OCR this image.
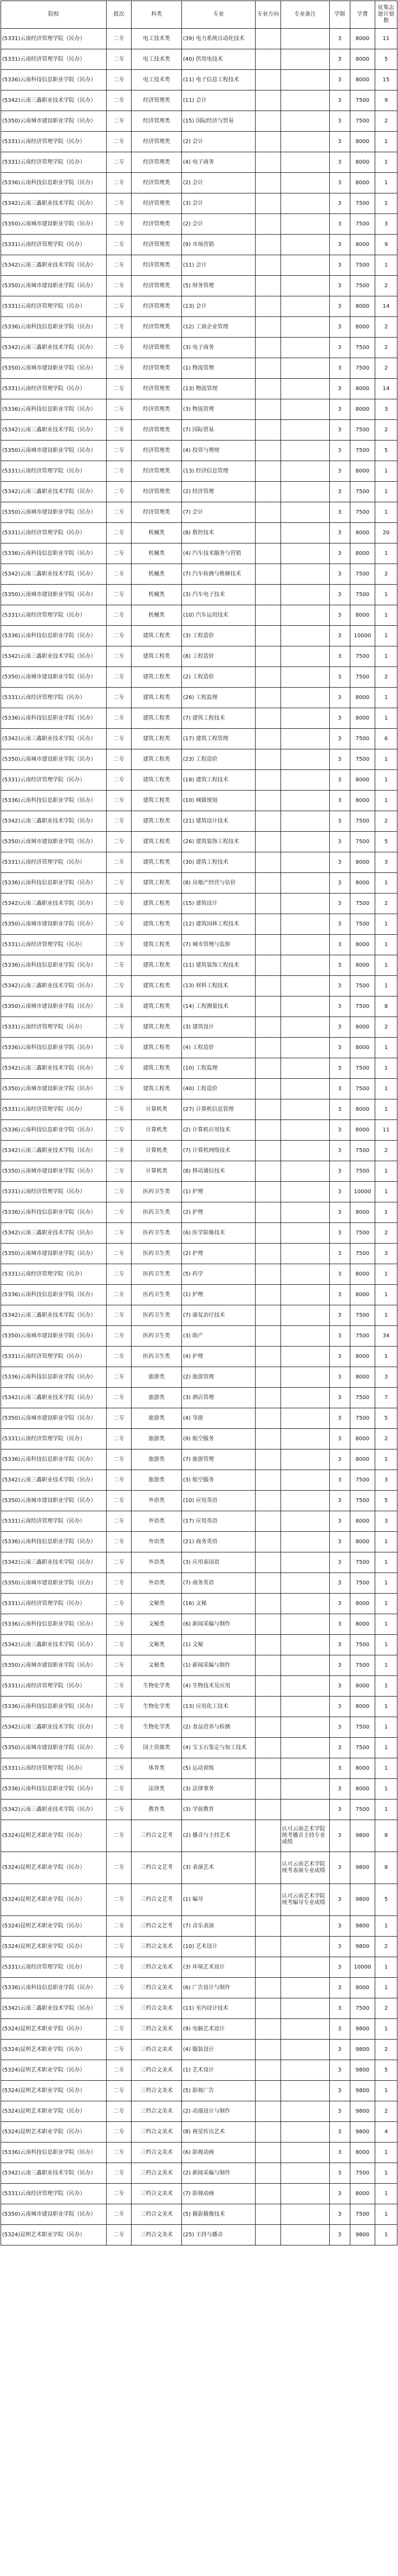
院校	批次	科类	专业	专业方向	专业备注	学制	学费	征集志愿计划数
(5331)云南经济管理学院（民办）	二专	电工技术类	(39) 电力系统自动化技术			3	8000	11
(5331)云南经济管理学院（民办）	二专	电工技术类	(40) 供用电技术			3	8000	5
(5336)云南科技信息职业学院（民办）	二专	电工技术类	(11) 电子信息工程技术			3	8000	15
(5342)云南三鑫职业技术学院（民办）	二专	经济管理类	(11) 会计			3	7500	9
(5350)云南城市建设职业学院（民办）	二专	经济管理类	(15) 国际经济与贸易			3	7500	2
(5331)云南经济管理学院（民办）	二专	经济管理类	(2) 会计			3	8000	1
(5331)云南经济管理学院（民办）	二专	经济管理类	(4) 电子商务			3	8000	1
(5336)云南科技信息职业学院（民办）	二专	经济管理类	(2) 会计			3	8000	1
(5342)云南三鑫职业技术学院（民办）	二专	经济管理类	(3) 会计			3	7500	1
(5350)云南城市建设职业学院（民办）	二专	经济管理类	(2) 会计			3	7500	3
(5331)云南经济管理学院（民办）	二专	经济管理类	(9) 市场营销			3	8000	9
(5342)云南三鑫职业技术学院（民办）	二专	经济管理类	(11) 会计			3	7500	1
(5350)云南城市建设职业学院（民办）	二专	经济管理类	(5) 财务管理			3	7500	2
(5331)云南经济管理学院（民办）	二专	经济管理类	(13) 会计			3	8000	14
(5336)云南科技信息职业学院（民办）	二专	经济管理类	(12) 工商企业管理			3	8000	2
(5342)云南三鑫职业技术学院（民办）	二专	经济管理类	(3) 电子商务			3	7500	2
(5350)云南城市建设职业学院（民办）	二专	经济管理类	(1) 物流管理			3	7500	2
(5331)云南经济管理学院（民办）	二专	经济管理类	(13) 物流管理			3	8000	14
(5336)云南科技信息职业学院（民办）	二专	经济管理类	(3) 物流管理			3	8000	3
(5342)云南三鑫职业技术学院（民办）	二专	经济管理类	(7) 国际贸易			3	7500	2
(5350)云南城市建设职业学院（民办）	二专	经济管理类	(4) 投资与理财			3	7500	5
(5331)云南经济管理学院（民办）	二专	经济管理类	(13) 经济信息管理			3	8000	1
(5342)云南三鑫职业技术学院（民办）	二专	经济管理类	(2) 经济管理			3	7500	1
(5350)云南城市建设职业学院（民办）	二专	经济管理类	(7) 会计			3	7500	1
(5331)云南经济管理学院（民办）	二专	机械类	(8) 数控技术			3	8000	20
(5336)云南科技信息职业学院（民办）	二专	机械类	(4) 汽车技术服务与营销			3	8000	1
(5342)云南三鑫职业技术学院（民办）	二专	机械类	(7) 汽车检测与维修技术			3	7500	2
(5350)云南城市建设职业学院（民办）	二专	机械类	(3) 汽车电子技术			3	7500	1
(5331)云南经济管理学院（民办）	二专	机械类	(10) 汽车运用技术			3	8000	1
(5336)云南科技信息职业学院（民办）	二专	建筑工程类	(3) 工程造价			3	10000	1
(5342)云南三鑫职业技术学院（民办）	二专	建筑工程类	(8) 工程造价			3	7500	1
(5350)云南城市建设职业学院（民办）	二专	建筑工程类	(2) 工程造价			3	7500	2
(5331)云南经济管理学院（民办）	二专	建筑工程类	(26) 工程监理			3	8000	1
(5336)云南科技信息职业学院（民办）	二专	建筑工程类	(7) 建筑工程技术			3	8000	1
(5342)云南三鑫职业技术学院（民办）	二专	建筑工程类	(17) 建筑工程管理			3	7500	6
(5350)云南城市建设职业学院（民办）	二专	建筑工程类	(23) 工程造价			3	7500	1
(5331)云南经济管理学院（民办）	二专	建筑工程类	(18) 建筑工程技术			3	8000	1
(5336)云南科技信息职业学院（民办）	二专	建筑工程类	(10) 城镇规划			3	8000	1
(5342)云南三鑫职业技术学院（民办）	二专	建筑工程类	(21) 建筑设计技术			3	7500	2
(5350)云南城市建设职业学院（民办）	二专	建筑工程类	(26) 建筑装饰工程技术			3	7500	5
(5331)云南经济管理学院（民办）	二专	建筑工程类	(30) 建筑工程技术			3	8000	3
(5336)云南科技信息职业学院（民办）	二专	建筑工程类	(8) 房地产经营与估价			3	8000	1
(5342)云南三鑫职业技术学院（民办）	二专	建筑工程类	(15) 建筑设计			3	7500	2
(5350)云南城市建设职业学院（民办）	二专	建筑工程类	(12) 建筑园林工程技术			3	7500	1
(5331)云南经济管理学院（民办）	二专	建筑工程类	(7) 城市管理与监察			3	8000	1
(5336)云南科技信息职业学院（民办）	二专	建筑工程类	(11) 建筑装饰工程技术			3	8000	1
(5342)云南三鑫职业技术学院（民办）	二专	建筑工程类	(13) 材料工程技术			3	7500	1
(5350)云南城市建设职业学院（民办）	二专	建筑工程类	(14) 工程测量技术			3	7500	8
(5331)云南经济管理学院（民办）	二专	建筑工程类	(3) 建筑设计			3	8000	2
(5336)云南科技信息职业学院（民办）	二专	建筑工程类	(4) 工程造价			3	8000	1
(5342)云南三鑫职业技术学院（民办）	二专	建筑工程类	(10) 工程监理			3	7500	1
(5350)云南城市建设职业学院（民办）	二专	建筑工程类	(40) 工程造价			3	7500	1
(5331)云南经济管理学院（民办）	二专	计算机类	(27) 计算机信息管理			3	8000	1
(5336)云南科技信息职业学院（民办）	二专	计算机类	(2) 计算机应用技术			3	8000	11
(5342)云南三鑫职业技术学院（民办）	二专	计算机类	(7) 计算机网络技术			3	7500	2
(5350)云南城市建设职业学院（民办）	二专	计算机类	(8) 移动通信技术			3	7500	1
(5331)云南经济管理学院（民办）	二专	医药卫生类	(1) 护理			3	10000	1
(5336)云南科技信息职业学院（民办）	二专	医药卫生类	(2) 护理			3	8000	1
(5342)云南三鑫职业技术学院（民办）	二专	医药卫生类	(6) 医学影像技术			3	7500	2
(5350)云南城市建设职业学院（民办）	二专	医药卫生类	(2) 护理			3	7500	3
(5331)云南经济管理学院（民办）	二专	医药卫生类	(5) 药学			3	8000	1
(5336)云南科技信息职业学院（民办）	二专	医药卫生类	(1) 护理			3	8000	1
(5342)云南三鑫职业技术学院（民办）	二专	医药卫生类	(7) 康复治疗技术			3	7500	1
(5350)云南城市建设职业学院（民办）	二专	医药卫生类	(3) 助产			3	7500	34
(5331)云南经济管理学院（民办）	二专	医药卫生类	(4) 护理			3	8000	1
(5336)云南科技信息职业学院（民办）	二专	旅游类	(2) 旅游管理			3	8000	3
(5342)云南三鑫职业技术学院（民办）	二专	旅游类	(3) 酒店管理			3	7500	7
(5350)云南城市建设职业学院（民办）	二专	旅游类	(4) 导游			3	7500	5
(5331)云南经济管理学院（民办）	二专	旅游类	(9) 航空服务			3	8000	2
(5336)云南科技信息职业学院（民办）	二专	旅游类	(7) 旅游管理			3	8000	1
(5342)云南三鑫职业技术学院（民办）	二专	旅游类	(3) 航空服务			3	7500	3
(5350)云南城市建设职业学院（民办）	二专	外语类	(10) 应用英语			3	7500	5
(5331)云南经济管理学院（民办）	二专	外语类	(17) 应用英语			3	8000	3
(5336)云南科技信息职业学院（民办）	二专	外语类	(21) 商务英语			3	8000	1
(5342)云南三鑫职业技术学院（民办）	二专	外语类	(3) 应用泰国语			3	7500	1
(5350)云南城市建设职业学院（民办）	二专	外语类	(7) 商务英语			3	7500	1
(5331)云南经济管理学院（民办）	二专	文秘类	(16) 文秘			3	8000	1
(5336)云南科技信息职业学院（民办）	二专	文秘类	(6) 新闻采编与制作			3	8000	1
(5342)云南三鑫职业技术学院（民办）	二专	文秘类	(1) 文秘			3	7500	1
(5350)云南城市建设职业学院（民办）	二专	文秘类	(1) 新闻采编与制作			3	7500	1
(5331)云南经济管理学院（民办）	二专	生物化学类	(4) 生物技术及应用			3	8000	1
(5336)云南科技信息职业学院（民办）	二专	生物化学类	(13) 应用化工技术			3	8000	1
(5342)云南三鑫职业技术学院（民办）	二专	生物化学类	(2) 食品营养与检测			3	7500	1
(5350)云南城市建设职业学院（民办）	二专	国土资源类	(4) 宝玉石鉴定与加工技术			3	7500	1
(5331)云南经济管理学院（民办）	二专	体育类	(5) 运动训练			3	8000	1
(5336)云南科技信息职业学院（民办）	二专	法律类	(3) 法律事务			3	8000	1
(5342)云南三鑫职业技术学院（民办）	二专	教育类	(3) 学前教育			3	7500	1
(5324)昆明艺术职业学院（民办）	二专	三档合文艺考	(2) 播音与主持艺术		认可云南艺术学院统考播音主持专业成绩	3	9800	8
(5324)昆明艺术职业学院（民办）	二专	三档合文艺考	(3) 表演艺术		认可云南艺术学院统考表演专业成绩	3	9800	8
(5324)昆明艺术职业学院（民办）	二专	三档合文艺考	(1) 编导		认可云南艺术学院统考编导专业成绩	3	9800	5
(5324)昆明艺术职业学院（民办）	二专	三档合文艺考	(7) 音乐表演			3	9800	1
(5324)昆明艺术职业学院（民办）	二专	三档合文美术	(10) 艺术设计			3	9800	2
(5331)云南经济管理学院（民办）	二专	三档合文美术	(3) 环境艺术设计			3	10000	1
(5336)云南科技信息职业学院（民办）	二专	三档合文美术	(6) 广告设计与制作			3	8000	1
(5342)云南三鑫职业技术学院（民办）	二专	三档合文美术	(11) 室内设计技术			3	7500	2
(5324)昆明艺术职业学院（民办）	二专	三档合文美术	(9) 电脑艺术设计			3	9800	1
(5324)昆明艺术职业学院（民办）	二专	三档合文美术	(4) 服装设计			3	9800	2
(5324)昆明艺术职业学院（民办）	二专	三档合文美术	(1) 艺术设计			3	9800	5
(5324)昆明艺术职业学院（民办）	二专	三档合文美术	(5) 影视广告			3	9800	1
(5324)昆明艺术职业学院（民办）	二专	三档合文美术	(2) 动漫设计与制作			3	9800	2
(5324)昆明艺术职业学院（民办）	二专	三档合文美术	(8) 视觉传达艺术			3	9800	4
(5336)云南科技信息职业学院（民办）	二专	三档合文美术	(6) 影视动画			3	8000	1
(5342)云南三鑫职业技术学院（民办）	二专	三档合文美术	(2) 新闻采编与制作			3	7500	1
(5331)云南经济管理学院（民办）	二专	三档合文美术	(7) 影视动画			3	8000	1
(5350)云南城市建设职业学院（民办）	二专	三档合文美术	(5) 摄影摄像技术			3	7500	1
(5324)昆明艺术职业学院（民办）	二专	三档合文美术	(25) 主持与播音			3	9800	1
